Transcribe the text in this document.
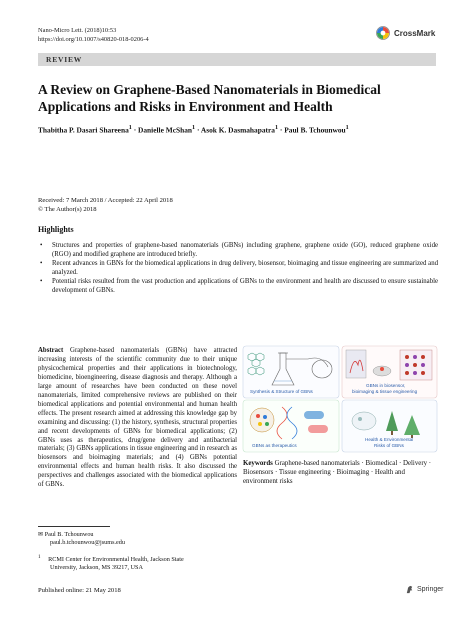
Nano-Micro Lett. (2018)10:53
https://doi.org/10.1007/s40820-018-0206-4
CrossMark
REVIEW
A Review on Graphene-Based Nanomaterials in Biomedical Applications and Risks in Environment and Health
Thabitha P. Dasari Shareena$^1$ · Danielle McShan$^1$ · Asok K. Dasmahapatra$^1$ · Paul B. Tchounwou$^1$
Received: 7 March 2018 / Accepted: 22 April 2018
© The Author(s) 2018
Highlights
• Structures and properties of graphene-based nanomaterials (GBNs) including graphene, graphene oxide (GO), reduced graphene oxide (RGO) and modified graphene are introduced briefly.
• Recent advances in GBNs for the biomedical applications in drug delivery, biosensor, bioimaging and tissue engineering are summarized and analyzed.
• Potential risks resulted from the vast production and applications of GBNs to the environment and health are discussed to ensure sustainable development of GBNs.
Abstract Graphene-based nanomaterials (GBNs) have attracted increasing interests of the scientific community due to their unique physicochemical properties and their applications in biotechnology, biomedicine, bioengineering, disease diagnosis and therapy. Although a large amount of researches have been conducted on these novel nanomaterials, limited comprehensive reviews are published on their biomedical applications and potential environmental and human health effects. The present research aimed at addressing this knowledge gap by examining and discussing: (1) the history, synthesis, structural properties and recent developments of GBNs for biomedical applications; (2) GBNs uses as therapeutics, drug/gene delivery and antibacterial materials; (3) GBNs applications in tissue engineering and in research as biosensors and bioimaging materials; and (4) GBNs potential environmental effects and human health risks. It also discussed the perspectives and challenges associated with the biomedical applications of GBNs.
Synthesis & Structure of GBNs
GBNs in biosensor,
bioimaging & tissue engineering
GBNs as therapeutics
Health & Environmental
Risks of GBNs
Keywords Graphene-based nanomaterials · Biomedical · Delivery · Biosensors · Tissue engineering · Bioimaging · Health and environment risks
✉ Paul B. Tchounwou
paul.b.tchounwou@jsums.edu
$^1$ RCMI Center for Environmental Health, Jackson State
University, Jackson, MS 39217, USA
Published online: 21 May 2018	Springer
